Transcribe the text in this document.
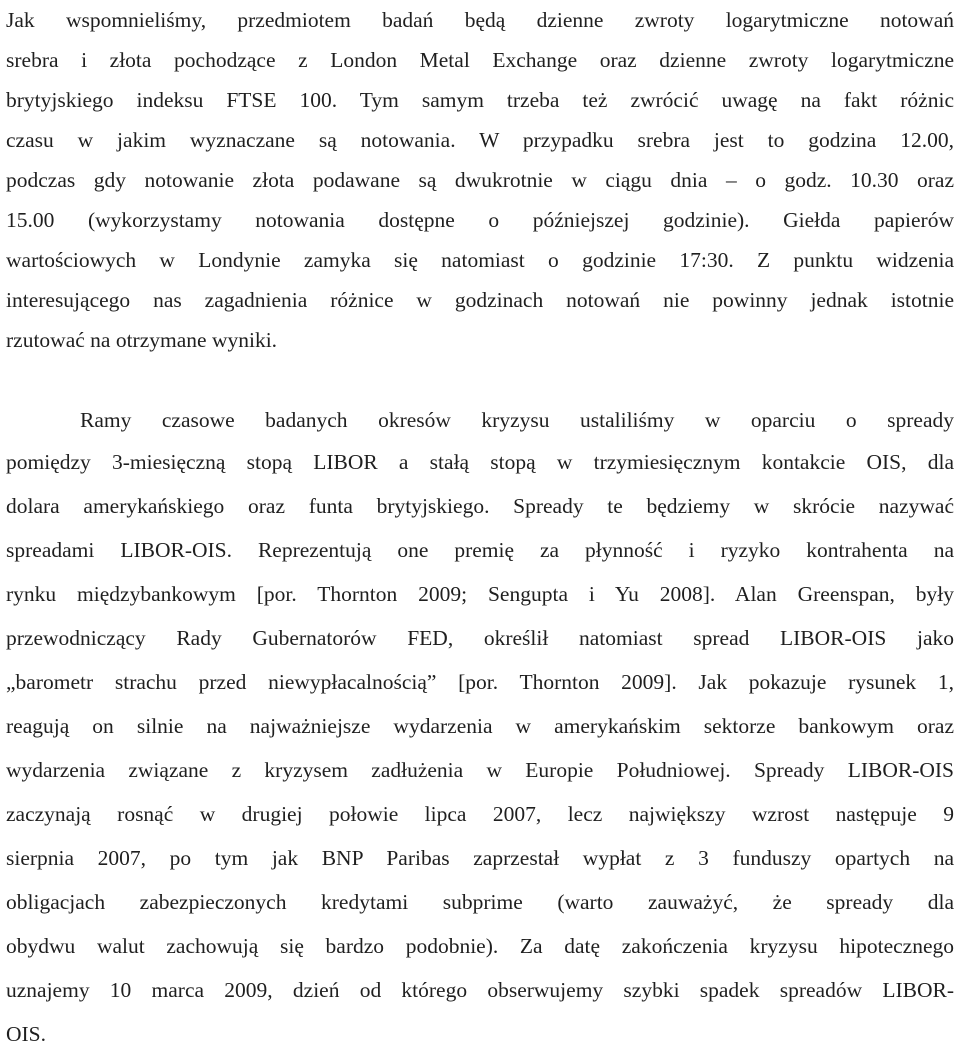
Jak wspomnieliśmy, przedmiotem badań będą dzienne zwroty logarytmiczne notowań
srebra i złota pochodzące z London Metal Exchange oraz dzienne zwroty logarytmiczne
brytyjskiego indeksu FTSE 100. Tym samym trzeba też zwrócić uwagę na fakt różnic
czasu w jakim wyznaczane są notowania. W przypadku srebra jest to godzina 12.00,
podczas gdy notowanie złota podawane są dwukrotnie w ciągu dnia – o godz. 10.30 oraz
15.00 (wykorzystamy notowania dostępne o późniejszej godzinie). Giełda papierów
wartościowych w Londynie zamyka się natomiast o godzinie 17:30. Z punktu widzenia
interesującego nas zagadnienia różnice w godzinach notowań nie powinny jednak istotnie
rzutować na otrzymane wyniki.
Ramy czasowe badanych okresów kryzysu ustaliliśmy w oparciu o spready
pomiędzy 3-miesięczną stopą LIBOR a stałą stopą w trzymiesięcznym kontakcie OIS, dla
dolara amerykańskiego oraz funta brytyjskiego. Spready te będziemy w skrócie nazywać
spreadami LIBOR-OIS. Reprezentują one premię za płynność i ryzyko kontrahenta na
rynku międzybankowym [por. Thornton 2009; Sengupta i Yu 2008]. Alan Greenspan, były
przewodniczący Rady Gubernatorów FED, określił natomiast spread LIBOR-OIS jako
„barometr strachu przed niewypłacalnością” [por. Thornton 2009]. Jak pokazuje rysunek 1,
reagują on silnie na najważniejsze wydarzenia w amerykańskim sektorze bankowym oraz
wydarzenia związane z kryzysem zadłużenia w Europie Południowej. Spready LIBOR-OIS
zaczynają rosnąć w drugiej połowie lipca 2007, lecz największy wzrost następuje 9
sierpnia 2007, po tym jak BNP Paribas zaprzestał wypłat z 3 funduszy opartych na
obligacjach zabezpieczonych kredytami subprime (warto zauważyć, że spready dla
obydwu walut zachowują się bardzo podobnie). Za datę zakończenia kryzysu hipotecznego
uznajemy 10 marca 2009, dzień od którego obserwujemy szybki spadek spreadów LIBOR-
OIS.
